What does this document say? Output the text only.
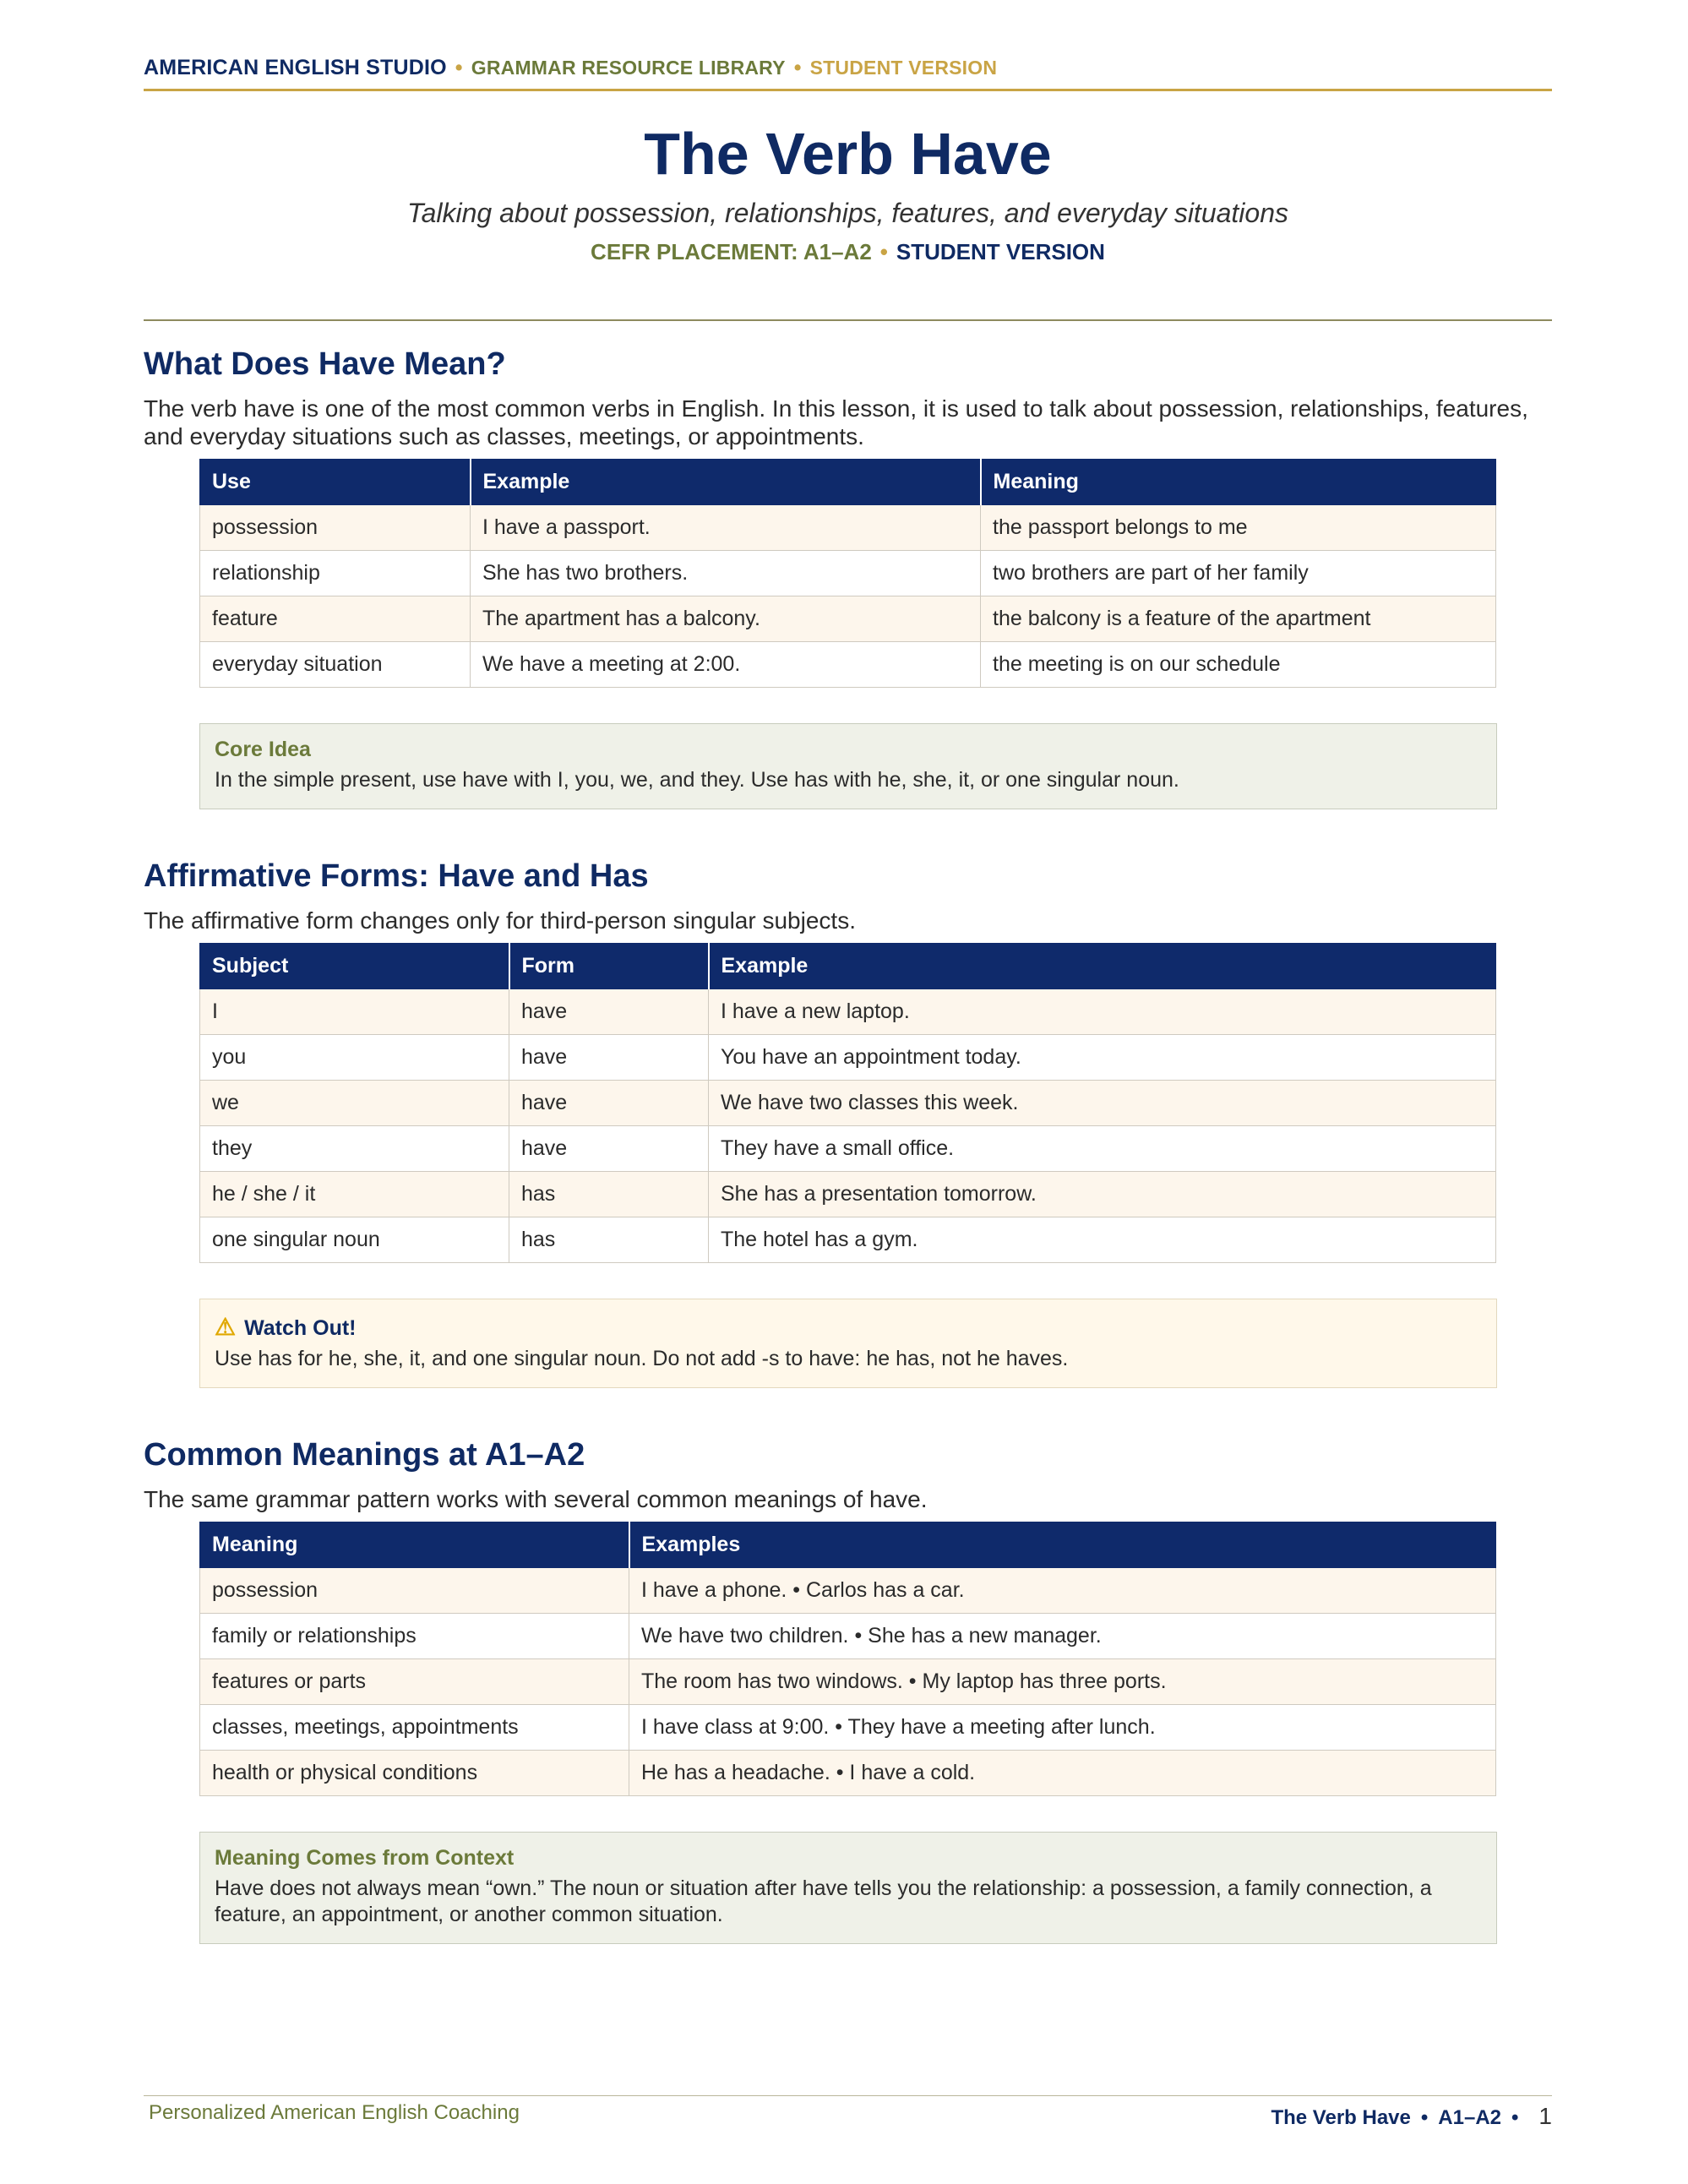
AMERICAN ENGLISH STUDIO • GRAMMAR RESOURCE LIBRARY • STUDENT VERSION
The Verb Have
Talking about possession, relationships, features, and everyday situations
CEFR PLACEMENT: A1–A2 • STUDENT VERSION
What Does Have Mean?

The verb have is one of the most common verbs in English. In this lesson, it is used to talk about possession, relationships, features, and everyday situations such as classes, meetings, or appointments.

Use	Example	Meaning
possession	I have a passport.	the passport belongs to me
relationship	She has two brothers.	two brothers are part of her family
feature	The apartment has a balcony.	the balcony is a feature of the apartment
everyday situation	We have a meeting at 2:00.	the meeting is on our schedule
Core Idea
In the simple present, use have with I, you, we, and they. Use has with he, she, it, or one singular noun.
Affirmative Forms: Have and Has

The affirmative form changes only for third-person singular subjects.

Subject	Form	Example
I	have	I have a new laptop.
you	have	You have an appointment today.
we	have	We have two classes this week.
they	have	They have a small office.
he / she / it	has	She has a presentation tomorrow.
one singular noun	has	The hotel has a gym.
⚠ Watch Out!
Use has for he, she, it, and one singular noun. Do not add -s to have: he has, not he haves.
Common Meanings at A1–A2

The same grammar pattern works with several common meanings of have.

Meaning	Examples
possession	I have a phone. • Carlos has a car.
family or relationships	We have two children. • She has a new manager.
features or parts	The room has two windows. • My laptop has three ports.
classes, meetings, appointments	I have class at 9:00. • They have a meeting after lunch.
health or physical conditions	He has a headache. • I have a cold.
Meaning Comes from Context
Have does not always mean “own.” The noun or situation after have tells you the relationship: a possession, a family connection, a feature, an appointment, or another common situation.
Personalized American English Coaching	The Verb Have • A1–A2 • 1
